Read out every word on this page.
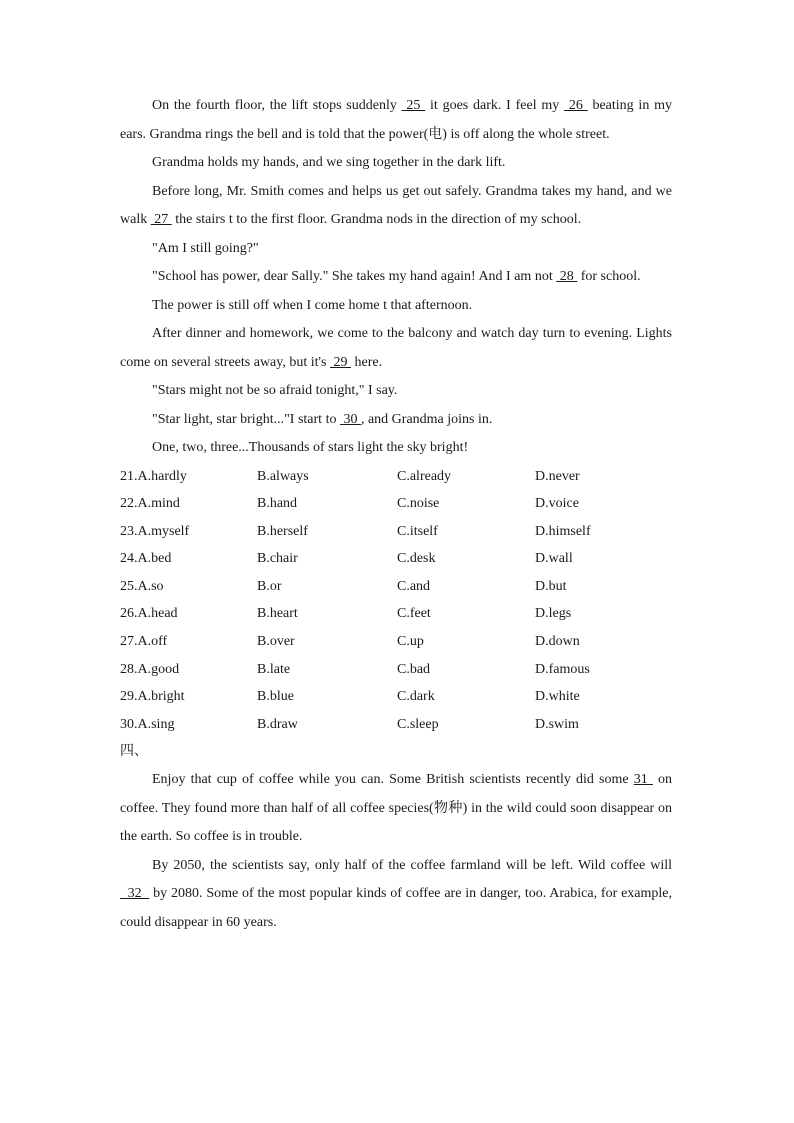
On the fourth floor, the lift stops suddenly  25  it goes dark. I feel my  26  beating in my ears. Grandma rings the bell and is told that the power(电) is off along the whole street.

Grandma holds my hands, and we sing together in the dark lift.

Before long, Mr. Smith comes and helps us get out safely. Grandma takes my hand, and we walk  27  the stairs t to the first floor. Grandma nods in the direction of my school.

"Am I still going?"

"School has power, dear Sally." She takes my hand again! And I am not  28  for school.

The power is still off when I come home t that afternoon.

After dinner and homework, we come to the balcony and watch day turn to evening. Lights come on several streets away, but it's  29  here.

"Stars might not be so afraid tonight," I say.

"Star light, star bright..."I start to  30 , and Grandma joins in.

One, two, three...Thousands of stars light the sky bright!

21.A.hardly	B.always	C.already	D.never
22.A.mind	B.hand	C.noise	D.voice
23.A.myself	B.herself	C.itself	D.himself
24.A.bed	B.chair	C.desk	D.wall
25.A.so	B.or	C.and	D.but
26.A.head	B.heart	C.feet	D.legs
27.A.off	B.over	C.up	D.down
28.A.good	B.late	C.bad	D.famous
29.A.bright	B.blue	C.dark	D.white
30.A.sing	B.draw	C.sleep	D.swim

四、

Enjoy that cup of coffee while you can. Some British scientists recently did some 31  on coffee. They found more than half of all coffee species(物种) in the wild could soon disappear on the earth. So coffee is in trouble.

By 2050, the scientists say, only half of the coffee farmland will be left. Wild coffee will   32   by 2080. Some of the most popular kinds of coffee are in danger, too. Arabica, for example, could disappear in 60 years.
